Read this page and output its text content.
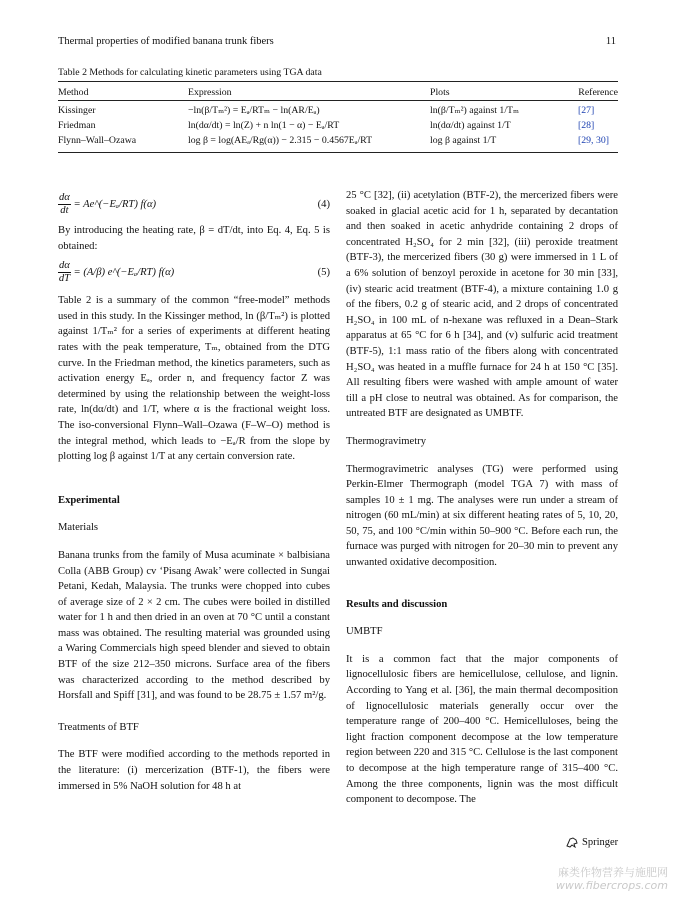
Thermal properties of modified banana trunk fibers	11
Table 2 Methods for calculating kinetic parameters using TGA data
Method	Expression	Plots	Reference

Kissinger	−ln(β/Tₘ²) = Eₐ/RTₘ − ln(AR/Eₐ)	ln(β/Tₘ²) against 1/Tₘ	[27]
Friedman	ln(dα/dt) = ln(Z) + n ln(1 − α) − Eₐ/RT	ln(dα/dt) against 1/T	[28]
Flynn–Wall–Ozawa	log β = log(AEₐ/Rg(α)) − 2.315 − 0.4567Eₐ/RT	log β against 1/T	[29, 30]
$\frac{d\alpha}{dt}$ = Ae^(−Eₐ/RT) f(α)	(4)

By introducing the heating rate, β = dT/dt, into Eq. 4, Eq. 5 is obtained:

$\frac{d\alpha}{dT} = (A/\beta)$ e^(−Eₐ/RT) f(α)	(5)

Table 2 is a summary of the common “free-model” methods used in this study. In the Kissinger method, ln (β/Tₘ²) is plotted against 1/Tₘ² for a series of experiments at different heating rates with the peak temperature, Tₘ, obtained from the DTG curve. In the Friedman method, the kinetics parameters, such as activation energy Eₐ, order n, and frequency factor Z was determined by using the relationship between the weight-loss rate, ln(dα/dt) and 1/T, where α is the fractional weight loss. The iso-conversional Flynn–Wall–Ozawa (F–W–O) method is the integral method, which leads to −Eₐ/R from the slope by plotting log β against 1/T at any certain conversion rate.

Experimental

Materials

Banana trunks from the family of Musa acuminate × balbisiana Colla (ABB Group) cv ‘Pisang Awak’ were collected in Sungai Petani, Kedah, Malaysia. The trunks were chopped into cubes of average size of 2 × 2 cm. The cubes were boiled in distilled water for 1 h and then dried in an oven at 70 °C until a constant mass was obtained. The resulting material was grounded using a Waring Commercials high speed blender and sieved to obtain BTF of the size 212–350 microns. Surface area of the fibers was characterized according to the method described by Horsfall and Spiff [31], and was found to be 28.75 ± 1.57 m²/g.

Treatments of BTF

The BTF were modified according to the methods reported in the literature: (i) mercerization (BTF-1), the fibers were immersed in 5% NaOH solution for 48 h at

25 °C [32], (ii) acetylation (BTF-2), the mercerized fibers were soaked in glacial acetic acid for 1 h, separated by decantation and then soaked in acetic anhydride containing 2 drops of concentrated H₂SO₄ for 2 min [32], (iii) peroxide treatment (BTF-3), the mercerized fibers (30 g) were immersed in 1 L of a 6% solution of benzoyl peroxide in acetone for 30 min [33], (iv) stearic acid treatment (BTF-4), a mixture containing 1.0 g of the fibers, 0.2 g of stearic acid, and 2 drops of concentrated H₂SO₄ in 100 mL of n-hexane was refluxed in a Dean–Stark apparatus at 65 °C for 6 h [34], and (v) sulfuric acid treatment (BTF-5), 1:1 mass ratio of the fibers along with concentrated H₂SO₄ was heated in a muffle furnace for 24 h at 150 °C [35]. All resulting fibers were washed with ample amount of water till a pH close to neutral was obtained. As for comparison, the untreated BTF are designated as UMBTF.

Thermogravimetry

Thermogravimetric analyses (TG) were performed using Perkin-Elmer Thermograph (model TGA 7) with mass of samples 10 ± 1 mg. The analyses were run under a stream of nitrogen (60 mL/min) at six different heating rates of 5, 10, 20, 50, 75, and 100 °C/min within 50–900 °C. Before each run, the furnace was purged with nitrogen for 20–30 min to prevent any unwanted oxidative decomposition.

Results and discussion

UMBTF

It is a common fact that the major components of lignocellulosic fibers are hemicellulose, cellulose, and lignin. According to Yang et al. [36], the main thermal decomposition of lignocellulosic materials generally occur over the temperature range of 200–400 °C. Hemicelluloses, being the light fraction component decompose at the low temperature region between 220 and 315 °C. Cellulose is the last component to decompose at the high temperature range of 315–400 °C. Among the three components, lignin was the most difficult component to decompose. The

Springer
麻类作物营养与施肥网
www.fibercrops.com
